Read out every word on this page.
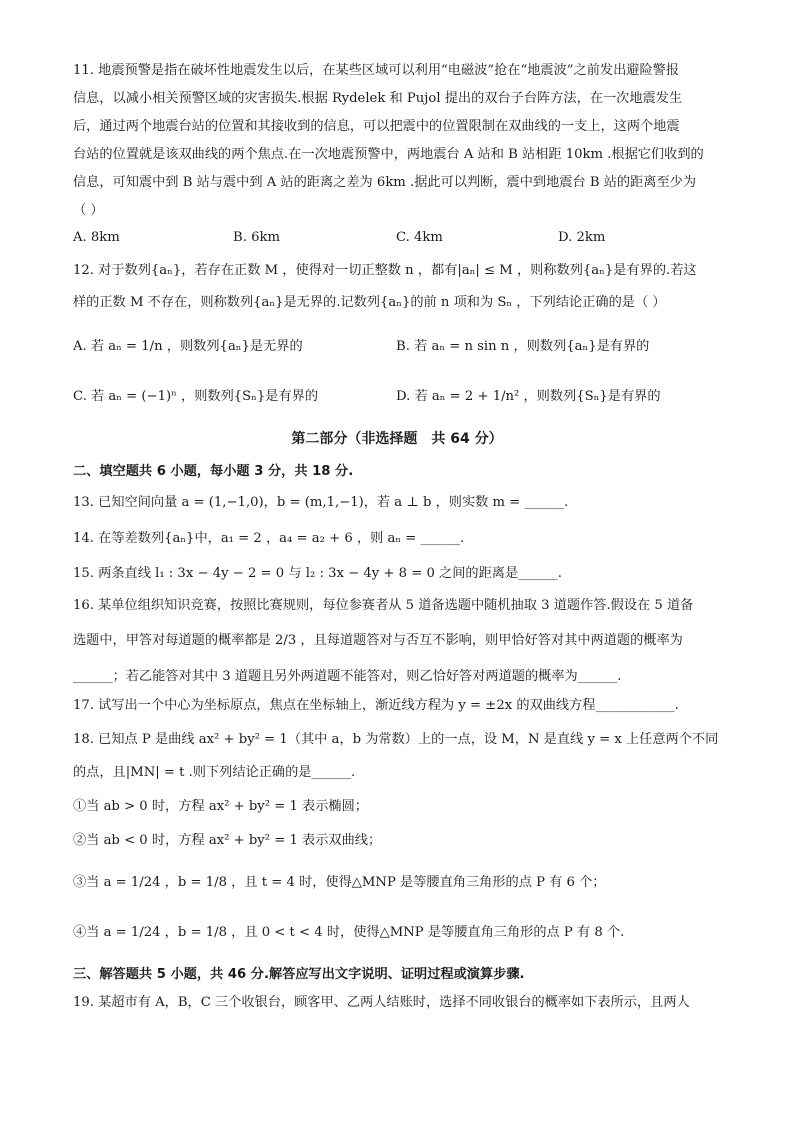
11. 地震预警是指在破坏性地震发生以后，在某些区域可以利用“电磁波”抢在“地震波”之前发出避险警报
信息，以减小相关预警区域的灾害损失.根据 Rydelek 和 Pujol 提出的双台子台阵方法，在一次地震发生
后，通过两个地震台站的位置和其接收到的信息，可以把震中的位置限制在双曲线的一支上，这两个地震
台站的位置就是该双曲线的两个焦点.在一次地震预警中，两地震台 A 站和 B 站相距 10km .根据它们收到的
信息，可知震中到 B 站与震中到 A 站的距离之差为 6km .据此可以判断，震中到地震台 B 站的距离至少为
（ ）
A. 8km	B. 6km	C. 4km	D. 2km
12. 对于数列{aₙ}，若存在正数 M ，使得对一切正整数 n ，都有|aₙ| ≤ M ，则称数列{aₙ}是有界的.若这
样的正数 M 不存在，则称数列{aₙ}是无界的.记数列{aₙ}的前 n 项和为 Sₙ ，下列结论正确的是（ ）
A. 若 aₙ = 1/n ，则数列{aₙ}是无界的	B. 若 aₙ = n sin n ，则数列{aₙ}是有界的
C. 若 aₙ = (−1)ⁿ ，则数列{Sₙ}是有界的	D. 若 aₙ = 2 + 1/n² ，则数列{Sₙ}是有界的
第二部分（非选择题　共 64 分）
二、填空题共 6 小题，每小题 3 分，共 18 分.
13. 已知空间向量 a = (1,−1,0)，b = (m,1,−1)，若 a ⊥ b ，则实数 m = ______.
14. 在等差数列{aₙ}中，a₁ = 2 ，a₄ = a₂ + 6 ，则 aₙ = ______.
15. 两条直线 l₁ : 3x − 4y − 2 = 0 与 l₂ : 3x − 4y + 8 = 0 之间的距离是______.
16. 某单位组织知识竞赛，按照比赛规则，每位参赛者从 5 道备选题中随机抽取 3 道题作答.假设在 5 道备
选题中，甲答对每道题的概率都是 2/3 ，且每道题答对与否互不影响，则甲恰好答对其中两道题的概率为
______；若乙能答对其中 3 道题且另外两道题不能答对，则乙恰好答对两道题的概率为______.
17. 试写出一个中心为坐标原点，焦点在坐标轴上，渐近线方程为 y = ±2x 的双曲线方程____________.
18. 已知点 P 是曲线 ax² + by² = 1（其中 a，b 为常数）上的一点，设 M，N 是直线 y = x 上任意两个不同
的点，且|MN| = t .则下列结论正确的是______.
①当 ab > 0 时，方程 ax² + by² = 1 表示椭圆；
②当 ab < 0 时，方程 ax² + by² = 1 表示双曲线；
③当 a = 1/24 ，b = 1/8 ，且 t = 4 时，使得△MNP 是等腰直角三角形的点 P 有 6 个；
④当 a = 1/24 ，b = 1/8 ，且 0 < t < 4 时，使得△MNP 是等腰直角三角形的点 P 有 8 个.
三、解答题共 5 小题，共 46 分.解答应写出文字说明、证明过程或演算步骤.
19. 某超市有 A，B，C 三个收银台，顾客甲、乙两人结账时，选择不同收银台的概率如下表所示，且两人
